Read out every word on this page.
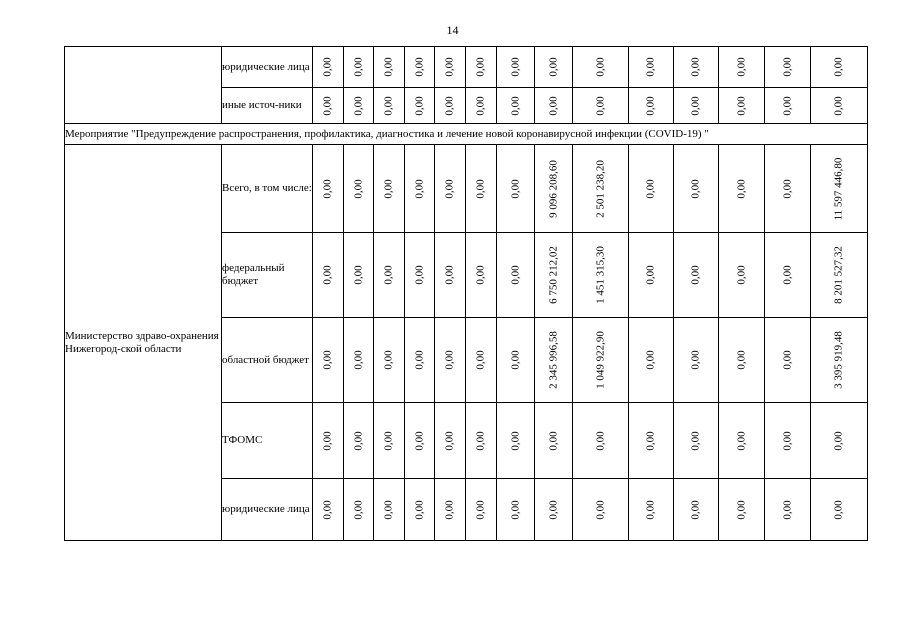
14
	юридические лица	0,00	0,00	0,00	0,00	0,00	0,00	0,00	0,00	0,00	0,00	0,00	0,00	0,00	0,00

	иные источ-ники	0,00	0,00	0,00	0,00	0,00	0,00	0,00	0,00	0,00	0,00	0,00	0,00	0,00	0,00

Мероприятие "Предупреждение распространения, профилактика, диагностика и лечение новой коронавирусной инфекции (COVID-19) "															
Министерство здраво-охранения Нижегород-ской области	Всего, в том числе:	0,00	0,00	0,00	0,00	0,00	0,00	0,00	9 096 208,60	2 501 238,20	0,00	0,00	0,00	0,00	11 597 446,80

	федеральный бюджет	0,00	0,00	0,00	0,00	0,00	0,00	0,00	6 750 212,02	1 451 315,30	0,00	0,00	0,00	0,00	8 201 527,32

	областной бюджет	0,00	0,00	0,00	0,00	0,00	0,00	0,00	2 345 996,58	1 049 922,90	0,00	0,00	0,00	0,00	3 395 919,48

	ТФОМС	0,00	0,00	0,00	0,00	0,00	0,00	0,00	0,00	0,00	0,00	0,00	0,00	0,00	0,00

	юридические лица	0,00	0,00	0,00	0,00	0,00	0,00	0,00	0,00	0,00	0,00	0,00	0,00	0,00	0,00
